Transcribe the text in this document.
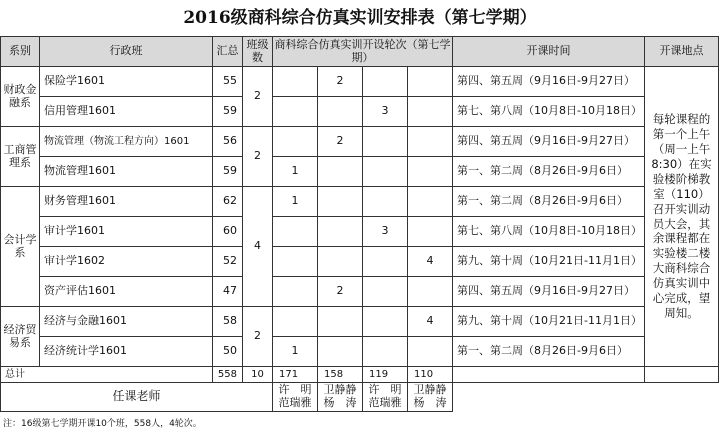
2016级商科综合仿真实训安排表（第七学期）
系别	行政班	汇总	班级数	商科综合仿真实训开设轮次（第七学期）				开课时间	开课地点
财政金融系	保险学1601	55	2		2			第四、第五周（9月16日-9月27日）	每轮课程的第一个上午（周一上午8:30）在实验楼阶梯教室（110）召开实训动员大会，其余课程都在实验楼二楼大商科综合仿真实训中心完成，望周知。
	信用管理1601	59				3		第七、第八周（10月8日-10月18日）	
工商管理系	物流管理（物流工程方向）1601	56	2		2			第四、第五周（9月16日-9月27日）	
	物流管理1601	59		1				第一、第二周（8月26日-9月6日）	
会计学系	财务管理1601	62	4	1				第一、第二周（8月26日-9月6日）	
	审计学1601	60				3		第七、第八周（10月8日-10月18日）	
	审计学1602	52					4	第九、第十周（10月21日-11月1日）	
	资产评估1601	47			2			第四、第五周（9月16日-9月27日）	
经济贸易系	经济与金融1601	58	2				4	第九、第十周（10月21日-11月1日）	
	经济统计学1601	50		1				第一、第二周（8月26日-9月6日）	
总计		558	10	171	158	119	110		
任课老师				许　明 范瑞雅	卫静静 杨　涛	许　明 范瑞雅	卫静静 杨　涛		
注：16级第七学期开课10个班，558人，4轮次。
